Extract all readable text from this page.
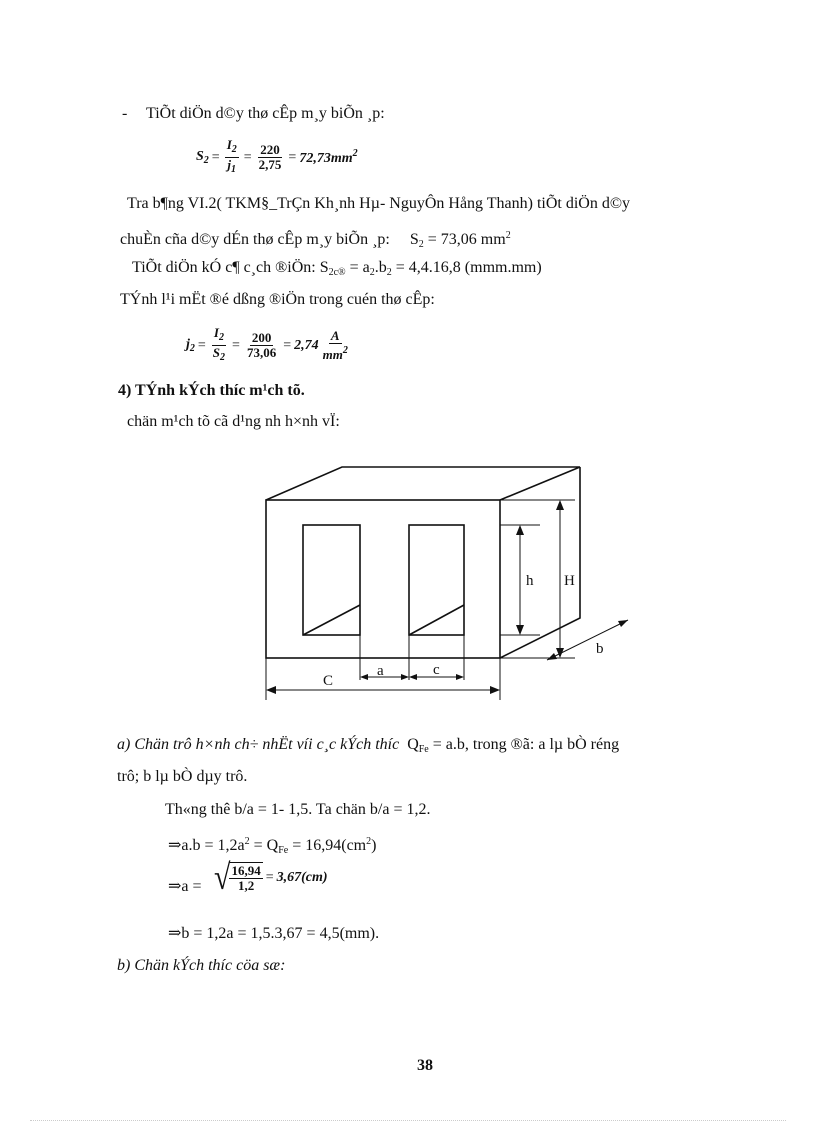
- TiÕt diÖn d©y thø cÊp m¸y biÕn ¸p:
$S_2 = \frac{I_2}{j_1} = \frac{220}{2,75} = 72,73mm^2$
Tra b¶ng VI.2( TKM§_TrÇn Kh¸nh Hµ- NguyÔn Hång Thanh) tiÕt diÖn d©y
chuÈn cña d©y dÉn thø cÊp m¸y biÕn ¸p: $S_2 = 73,06$ $mm^2$
TiÕt diÖn kÓ c¶ c¸ch ®iÖn: $S_{2c®} = a_2.b_2 = 4,4.16,8$ (mmm.mm)
TÝnh l¹i mËt ®é dßng ®iÖn trong cuén thø cÊp:
$j_2 = \frac{I_2}{S_2} = \frac{200}{73,06} = 2,74 \frac{A}{mm^2}$
4) TÝnh kÝch thíc m¹ch tõ.
chän m¹ch tõ cã d¹ng nh h×nh vÏ:
h H
b
C
a	c
a) Chän trô h×nh ch÷ nhËt víi c¸c kÝch thíc $Q_{Fe} = a.b$, trong ®ã: a lµ bÒ réng
trô; b lµ bÒ dµy trô.
Th«ng thê b/a = 1- 1,5. Ta chän b/a = 1,2.
⇒a.b = $1,2a^2 = Q_{Fe} = 16,94(cm^2)$
⇒a = √ $\frac{16,94}{1,2} = 3,67(cm)$
⇒b = 1,2a = 1,5.3,67 = 4,5(mm).
b) Chän kÝch thíc cöa sæ:
38
